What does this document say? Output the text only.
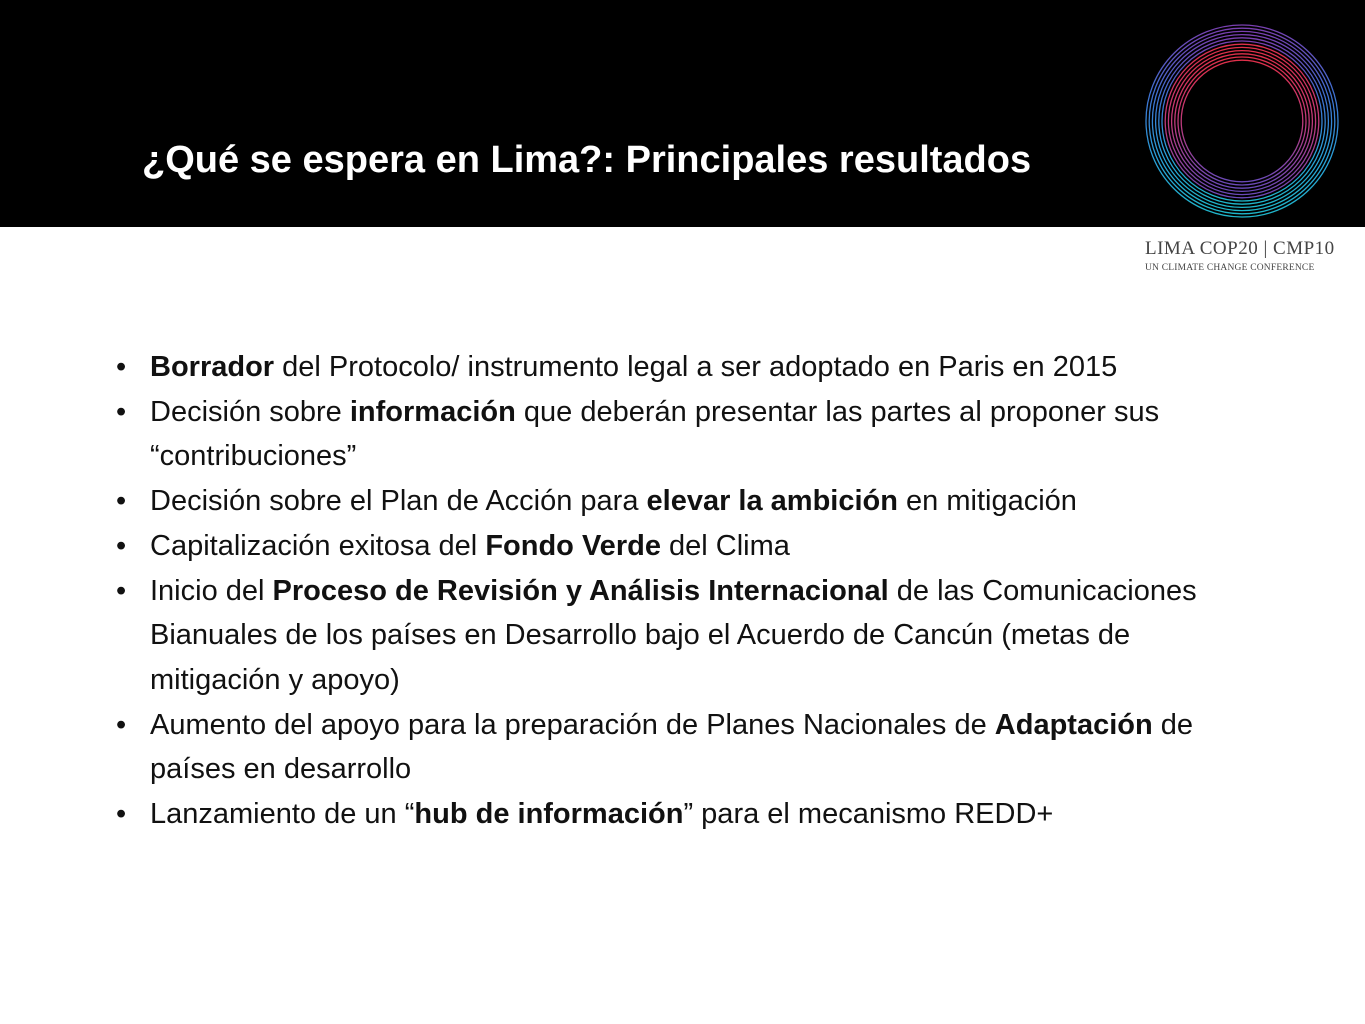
¿Qué se espera en Lima?: Principales resultados
LIMA COP20 | CMP10
UN CLIMATE CHANGE CONFERENCE
• Borrador del Protocolo/ instrumento legal a ser adoptado en Paris en 2015
• Decisión sobre información que deberán presentar las partes al proponer sus “contribuciones”
• Decisión sobre el Plan de Acción para elevar la ambición en mitigación
• Capitalización exitosa del Fondo Verde del Clima
• Inicio del Proceso de Revisión y Análisis Internacional de las Comunicaciones Bianuales de los países en Desarrollo bajo el Acuerdo de Cancún (metas de mitigación y apoyo)
• Aumento del apoyo para la preparación de Planes Nacionales de Adaptación de países en desarrollo
• Lanzamiento de un “hub de información” para el mecanismo REDD+
